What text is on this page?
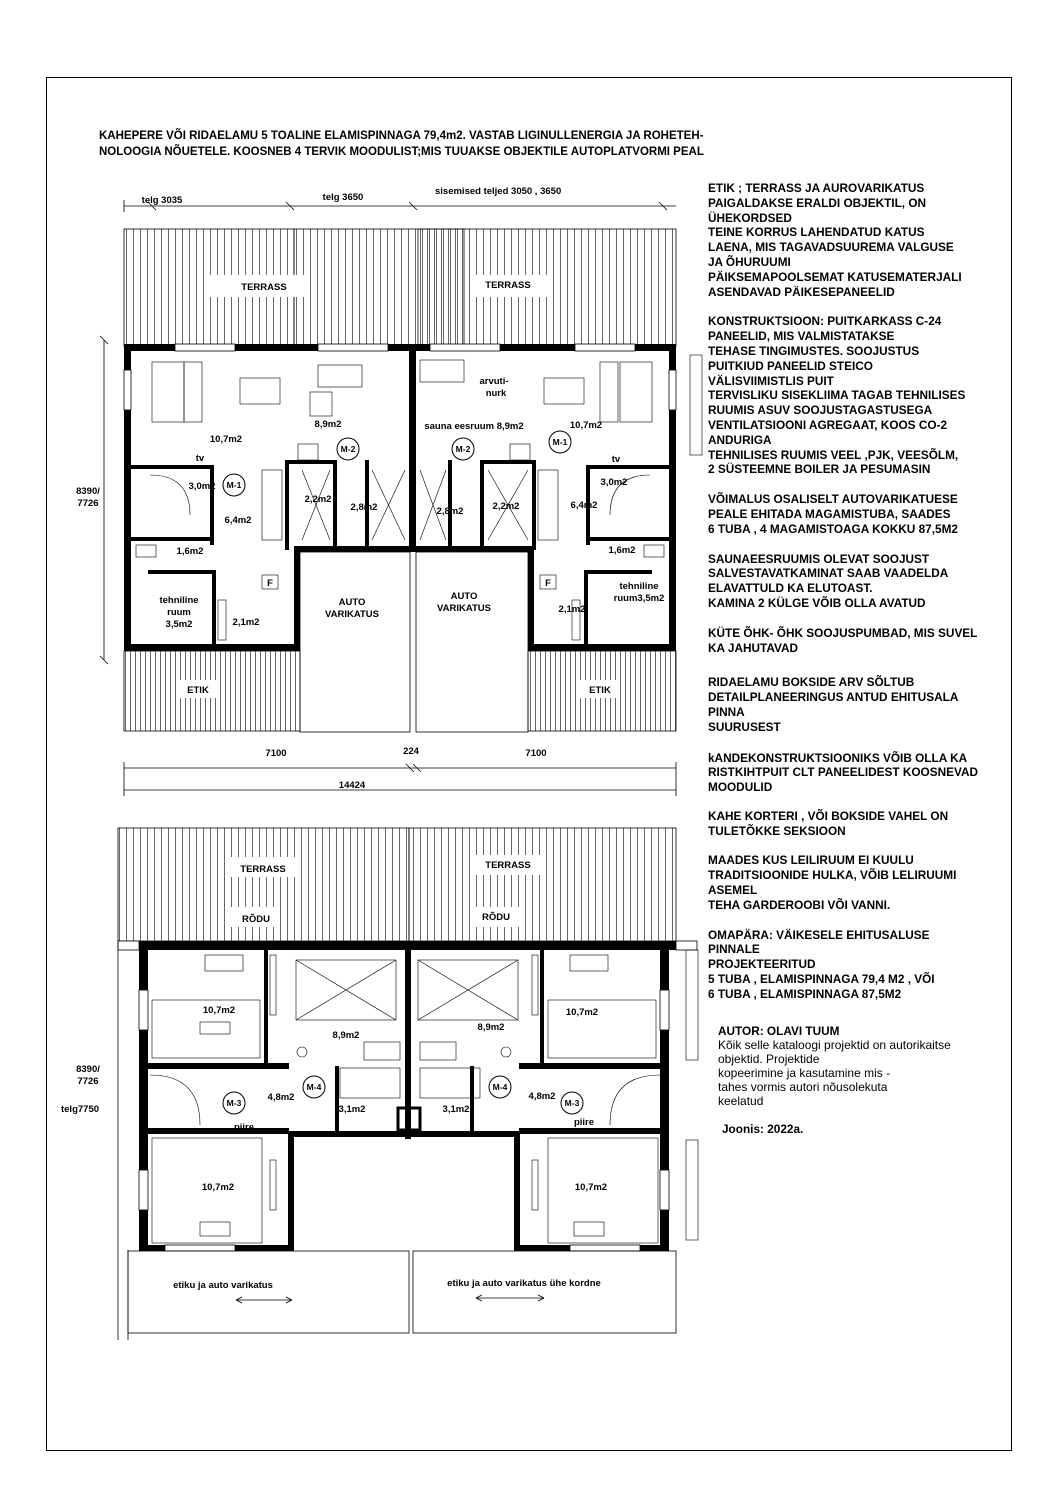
KAHEPERE VÕI RIDAELAMU 5 TOALINE ELAMISPINNAGA 79,4m2. VASTAB LIGINULLENERGIA JA ROHETEH-
NOLOOGIA NÕUETELE. KOOSNEB 4 TERVIK MOODULIST;MIS TUUAKSE OBJEKTILE AUTOPLATVORMI PEAL
telg 3035	telg 3650
sisemised teljed 3050 , 3650
TERRASS	TERRASS
10,7m2
8,9m2
arvuti-
nurk
sauna eesruum 8,9m2	10,7m2
tv	tv
M-2	M-2
M-1
M-1
3,0m2	3,0m2
2,2m2
2,2m2
2,8m2	2,8m2
6,4m2
6,4m2
1,6m2	1,6m2
tehniline
ruum
3,5m2
tehniline
ruum3,5m2
2,1m2
2,1m2
F	F
AUTO
VARIKATUS
AUTO
VARIKATUS
ETIK	ETIK
7100	224	7100
14424
8390/
7726
TERRASS	TERRASS
RÕDU	RÕDU
10,7m2
8,9m2
8,9m2
10,7m2
4,8m2	4,8m2
M-4	M-4
M-3	M-3
3,1m2	3,1m2
piire	piire
10,7m2	10,7m2
etiku ja auto varikatus	etiku ja auto varikatus ühe kordne
8390/
7726
telg7750
ETIK ; TERRASS JA AUROVARIKATUS
PAIGALDAKSE ERALDI OBJEKTIL, ON
ÜHEKORDSED
TEINE KORRUS LAHENDATUD KATUS
LAENA, MIS TAGAVADSUUREMA VALGUSE
JA ÕHURUUMI
PÄIKSEMAPOOLSEMAT KATUSEMATERJALI
ASENDAVAD PÄIKESEPANEELID
KONSTRUKTSIOON: PUITKARKASS C-24
PANEELID, MIS VALMISTATAKSE
TEHASE TINGIMUSTES. SOOJUSTUS
PUITKIUD PANEELID STEICO
VÄLISVIIMISTLIS PUIT
TERVISLIKU SISEKLIIMA TAGAB TEHNILISES
RUUMIS ASUV SOOJUSTAGASTUSEGA
VENTILATSIOONI AGREGAAT, KOOS CO-2
ANDURIGA
TEHNILISES RUUMIS VEEL ,PJK, VEESÕLM,
2 SÜSTEEMNE BOILER JA PESUMASIN
VÕIMALUS OSALISELT AUTOVARIKATUESE
PEALE EHITADA MAGAMISTUBA, SAADES
6 TUBA , 4 MAGAMISTOAGA KOKKU 87,5M2
SAUNAEESRUUMIS OLEVAT SOOJUST
SALVESTAVATKAMINAT SAAB VAADELDA
ELAVATTULD KA ELUTOAST.
KAMINA 2 KÜLGE VÕIB OLLA AVATUD
KÜTE ÕHK- ÕHK SOOJUSPUMBAD, MIS SUVEL
KA JAHUTAVAD
RIDAELAMU BOKSIDE ARV SÕLTUB
DETAILPLANEERINGUS ANTUD EHITUSALA
PINNA
SUURUSEST
kANDEKONSTRUKTSIOONIKS VÕIB OLLA KA
RISTKIHTPUIT CLT PANEELIDEST KOOSNEVAD
MOODULID
KAHE KORTERI , VÕI BOKSIDE VAHEL ON
TULETÕKKE SEKSIOON
MAADES KUS LEILIRUUM EI KUULU
TRADITSIOONIDE HULKA, VÕIB LELIRUUMI
ASEMEL
TEHA GARDEROOBI VÕI VANNI.
OMAPÄRA: VÄIKESELE EHITUSALUSE
PINNALE
PROJEKTEERITUD
5 TUBA , ELAMISPINNAGA 79,4 M2 , VÕI
6 TUBA , ELAMISPINNAGA 87,5M2
AUTOR: OLAVI TUUM
Kõik selle kataloogi projektid on autorikaitse
objektid. Projektide
kopeerimine ja kasutamine mis -
tahes vormis autori nõusolekuta
keelatud
Joonis: 2022a.
